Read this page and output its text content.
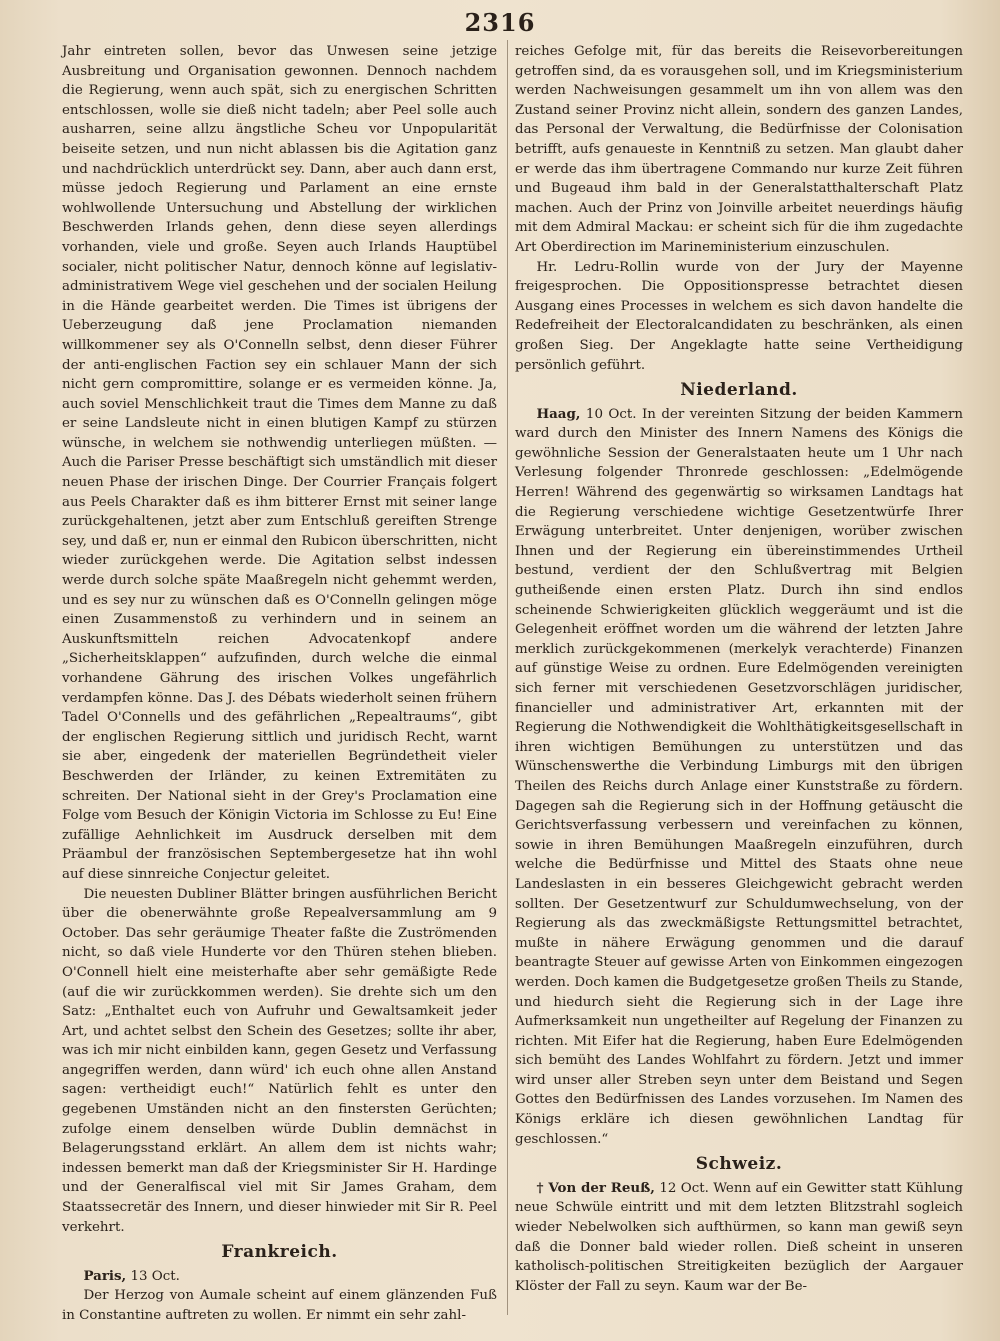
2316

Jahr eintreten sollen, bevor das Unwesen seine jetzige Ausbreitung und Organisation gewonnen. Dennoch nachdem die Regierung, wenn auch spät, sich zu energischen Schritten entschlossen, wolle sie dieß nicht tadeln; aber Peel solle auch ausharren, seine allzu ängstliche Scheu vor Unpopularität beiseite setzen, und nun nicht ablassen bis die Agitation ganz und nachdrücklich unterdrückt sey. Dann, aber auch dann erst, müsse jedoch Regierung und Parlament an eine ernste wohlwollende Untersuchung und Abstellung der wirklichen Beschwerden Irlands gehen, denn diese seyen allerdings vorhanden, viele und große. Seyen auch Irlands Hauptübel socialer, nicht politischer Natur, dennoch könne auf legislativ-administrativem Wege viel geschehen und der socialen Heilung in die Hände gearbeitet werden. Die Times ist übrigens der Ueberzeugung daß jene Proclamation niemanden willkommener sey als O'Connelln selbst, denn dieser Führer der anti-englischen Faction sey ein schlauer Mann der sich nicht gern compromittire, solange er es vermeiden könne. Ja, auch soviel Menschlichkeit traut die Times dem Manne zu daß er seine Landsleute nicht in einen blutigen Kampf zu stürzen wünsche, in welchem sie nothwendig unterliegen müßten. — Auch die Pariser Presse beschäftigt sich umständlich mit dieser neuen Phase der irischen Dinge. Der Courrier Français folgert aus Peels Charakter daß es ihm bitterer Ernst mit seiner lange zurückgehaltenen, jetzt aber zum Entschluß gereiften Strenge sey, und daß er, nun er einmal den Rubicon überschritten, nicht wieder zurückgehen werde. Die Agitation selbst indessen werde durch solche späte Maaßregeln nicht gehemmt werden, und es sey nur zu wünschen daß es O'Connelln gelingen möge einen Zusammenstoß zu verhindern und in seinem an Auskunftsmitteln reichen Advocatenkopf andere „Sicherheitsklappen“ aufzufinden, durch welche die einmal vorhandene Gährung des irischen Volkes ungefährlich verdampfen könne. Das J. des Débats wiederholt seinen frühern Tadel O'Connells und des gefährlichen „Repealtraums“, gibt der englischen Regierung sittlich und juridisch Recht, warnt sie aber, eingedenk der materiellen Begründetheit vieler Beschwerden der Irländer, zu keinen Extremitäten zu schreiten. Der National sieht in der Grey's Proclamation eine Folge vom Besuch der Königin Victoria im Schlosse zu Eu! Eine zufällige Aehnlichkeit im Ausdruck derselben mit dem Präambul der französischen Septembergesetze hat ihn wohl auf diese sinnreiche Conjectur geleitet.

Die neuesten Dubliner Blätter bringen ausführlichen Bericht über die obenerwähnte große Repealversammlung am 9 October. Das sehr geräumige Theater faßte die Zuströmenden nicht, so daß viele Hunderte vor den Thüren stehen blieben. O'Connell hielt eine meisterhafte aber sehr gemäßigte Rede (auf die wir zurückkommen werden). Sie drehte sich um den Satz: „Enthaltet euch von Aufruhr und Gewaltsamkeit jeder Art, und achtet selbst den Schein des Gesetzes; sollte ihr aber, was ich mir nicht einbilden kann, gegen Gesetz und Verfassung angegriffen werden, dann würd' ich euch ohne allen Anstand sagen: vertheidigt euch!“ Natürlich fehlt es unter den gegebenen Umständen nicht an den finstersten Gerüchten; zufolge einem denselben würde Dublin demnächst in Belagerungsstand erklärt. An allem dem ist nichts wahr; indessen bemerkt man daß der Kriegsminister Sir H. Hardinge und der Generalfiscal viel mit Sir James Graham, dem Staatssecretär des Innern, und dieser hinwieder mit Sir R. Peel verkehrt.

Frankreich.

Paris, 13 Oct.

Der Herzog von Aumale scheint auf einem glänzenden Fuß in Constantine auftreten zu wollen. Er nimmt ein sehr zahl-

reiches Gefolge mit, für das bereits die Reisevorbereitungen getroffen sind, da es vorausgehen soll, und im Kriegsministerium werden Nachweisungen gesammelt um ihn von allem was den Zustand seiner Provinz nicht allein, sondern des ganzen Landes, das Personal der Verwaltung, die Bedürfnisse der Colonisation betrifft, aufs genaueste in Kenntniß zu setzen. Man glaubt daher er werde das ihm übertragene Commando nur kurze Zeit führen und Bugeaud ihm bald in der Generalstatthalterschaft Platz machen. Auch der Prinz von Joinville arbeitet neuerdings häufig mit dem Admiral Mackau: er scheint sich für die ihm zugedachte Art Oberdirection im Marineministerium einzuschulen.

Hr. Ledru-Rollin wurde von der Jury der Mayenne freigesprochen. Die Oppositionspresse betrachtet diesen Ausgang eines Processes in welchem es sich davon handelte die Redefreiheit der Electoralcandidaten zu beschränken, als einen großen Sieg. Der Angeklagte hatte seine Vertheidigung persönlich geführt.

Niederland.

Haag, 10 Oct. In der vereinten Sitzung der beiden Kammern ward durch den Minister des Innern Namens des Königs die gewöhnliche Session der Generalstaaten heute um 1 Uhr nach Verlesung folgender Thronrede geschlossen: „Edelmögende Herren! Während des gegenwärtig so wirksamen Landtags hat die Regierung verschiedene wichtige Gesetzentwürfe Ihrer Erwägung unterbreitet. Unter denjenigen, worüber zwischen Ihnen und der Regierung ein übereinstimmendes Urtheil bestund, verdient der den Schlußvertrag mit Belgien gutheißende einen ersten Platz. Durch ihn sind endlos scheinende Schwierigkeiten glücklich weggeräumt und ist die Gelegenheit eröffnet worden um die während der letzten Jahre merklich zurückgekommenen (merkelyk verachterde) Finanzen auf günstige Weise zu ordnen. Eure Edelmögenden vereinigten sich ferner mit verschiedenen Gesetzvorschlägen juridischer, financieller und administrativer Art, erkannten mit der Regierung die Nothwendigkeit die Wohlthätigkeitsgesellschaft in ihren wichtigen Bemühungen zu unterstützen und das Wünschenswerthe die Verbindung Limburgs mit den übrigen Theilen des Reichs durch Anlage einer Kunststraße zu fördern. Dagegen sah die Regierung sich in der Hoffnung getäuscht die Gerichtsverfassung verbessern und vereinfachen zu können, sowie in ihren Bemühungen Maaßregeln einzuführen, durch welche die Bedürfnisse und Mittel des Staats ohne neue Landeslasten in ein besseres Gleichgewicht gebracht werden sollten. Der Gesetzentwurf zur Schuldumwechselung, von der Regierung als das zweckmäßigste Rettungsmittel betrachtet, mußte in nähere Erwägung genommen und die darauf beantragte Steuer auf gewisse Arten von Einkommen eingezogen werden. Doch kamen die Budgetgesetze großen Theils zu Stande, und hiedurch sieht die Regierung sich in der Lage ihre Aufmerksamkeit nun ungetheilter auf Regelung der Finanzen zu richten. Mit Eifer hat die Regierung, haben Eure Edelmögenden sich bemüht des Landes Wohlfahrt zu fördern. Jetzt und immer wird unser aller Streben seyn unter dem Beistand und Segen Gottes den Bedürfnissen des Landes vorzusehen. Im Namen des Königs erkläre ich diesen gewöhnlichen Landtag für geschlossen.“

Schweiz.

† Von der Reuß, 12 Oct. Wenn auf ein Gewitter statt Kühlung neue Schwüle eintritt und mit dem letzten Blitzstrahl sogleich wieder Nebelwolken sich aufthürmen, so kann man gewiß seyn daß die Donner bald wieder rollen. Dieß scheint in unseren katholisch-politischen Streitigkeiten bezüglich der Aargauer Klöster der Fall zu seyn. Kaum war der Be-
